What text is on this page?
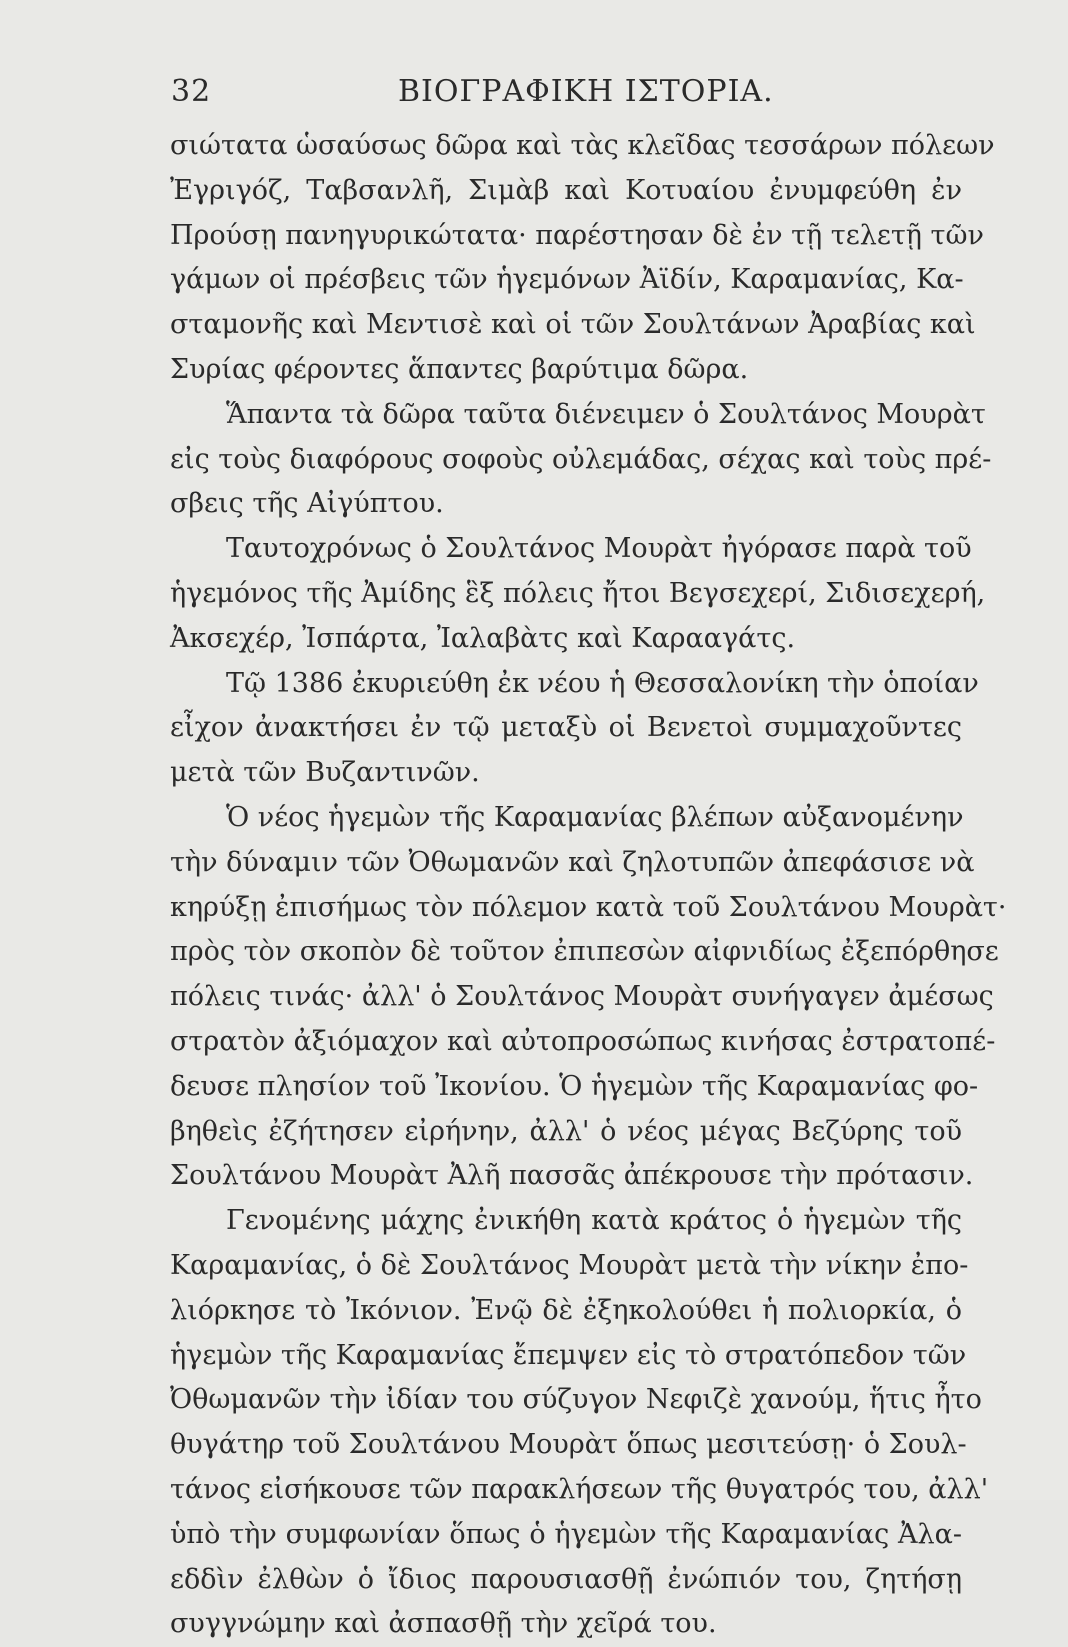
32	ΒΙΟΓΡΑΦΙΚΗ ΙΣΤΟΡΙΑ.
σιώτατα ὡσαύσως δῶρα καὶ τὰς κλεῖδας τεσσάρων πόλεων
Ἐγριγόζ, Ταβσανλῆ, Σιμὰβ καὶ Κοτυαίου ἐνυμφεύθη ἐν
Προύσῃ πανηγυρικώτατα· παρέστησαν δὲ ἐν τῇ τελετῇ τῶν
γάμων οἱ πρέσβεις τῶν ἡγεμόνων Ἀϊδίν, Καραμανίας, Κα-
σταμονῆς καὶ Μεντισὲ καὶ οἱ τῶν Σουλτάνων Ἀραβίας καὶ
Συρίας φέροντες ἅπαντες βαρύτιμα δῶρα.
Ἅπαντα τὰ δῶρα ταῦτα διένειμεν ὁ Σουλτάνος Μουρὰτ
εἰς τοὺς διαφόρους σοφοὺς οὐλεμάδας, σέχας καὶ τοὺς πρέ-
σβεις τῆς Αἰγύπτου.
Ταυτοχρόνως ὁ Σουλτάνος Μουρὰτ ἠγόρασε παρὰ τοῦ
ἡγεμόνος τῆς Ἀμίδης ἓξ πόλεις ἤτοι Βεγσεχερί, Σιδισεχερή,
Ἀκσεχέρ, Ἰσπάρτα, Ἰαλαβὰτς καὶ Καρααγάτς.
Τῷ 1386 ἐκυριεύθη ἐκ νέου ἡ Θεσσαλονίκη τὴν ὁποίαν
εἶχον ἀνακτήσει ἐν τῷ μεταξὺ οἱ Βενετοὶ συμμαχοῦντες
μετὰ τῶν Βυζαντινῶν.
Ὁ νέος ἡγεμὼν τῆς Καραμανίας βλέπων αὐξανομένην
τὴν δύναμιν τῶν Ὀθωμανῶν καὶ ζηλοτυπῶν ἀπεφάσισε νὰ
κηρύξῃ ἐπισήμως τὸν πόλεμον κατὰ τοῦ Σουλτάνου Μουρὰτ·
πρὸς τὸν σκοπὸν δὲ τοῦτον ἐπιπεσὼν αἰφνιδίως ἐξεπόρθησε
πόλεις τινάς· ἀλλ' ὁ Σουλτάνος Μουρὰτ συνήγαγεν ἀμέσως
στρατὸν ἀξιόμαχον καὶ αὐτοπροσώπως κινήσας ἐστρατοπέ-
δευσε πλησίον τοῦ Ἰκονίου. Ὁ ἡγεμὼν τῆς Καραμανίας φο-
βηθεὶς ἐζήτησεν εἰρήνην, ἀλλ' ὁ νέος μέγας Βεζύρης τοῦ
Σουλτάνου Μουρὰτ Ἀλῆ πασσᾶς ἀπέκρουσε τὴν πρότασιν.
Γενομένης μάχης ἐνικήθη κατὰ κράτος ὁ ἡγεμὼν τῆς
Καραμανίας, ὁ δὲ Σουλτάνος Μουρὰτ μετὰ τὴν νίκην ἐπο-
λιόρκησε τὸ Ἰκόνιον. Ἐνῷ δὲ ἐξηκολούθει ἡ πολιορκία, ὁ
ἡγεμὼν τῆς Καραμανίας ἔπεμψεν εἰς τὸ στρατόπεδον τῶν
Ὀθωμανῶν τὴν ἰδίαν του σύζυγον Νεφιζὲ χανούμ, ἥτις ἦτο
θυγάτηρ τοῦ Σουλτάνου Μουρὰτ ὅπως μεσιτεύσῃ· ὁ Σουλ-
τάνος εἰσήκουσε τῶν παρακλήσεων τῆς θυγατρός του, ἀλλ'
ὑπὸ τὴν συμφωνίαν ὅπως ὁ ἡγεμὼν τῆς Καραμανίας Ἀλα-
εδδὶν ἐλθὼν ὁ ἴδιος παρουσιασθῇ ἐνώπιόν του, ζητήσῃ
συγγνώμην καὶ ἀσπασθῇ τὴν χεῖρά του.
